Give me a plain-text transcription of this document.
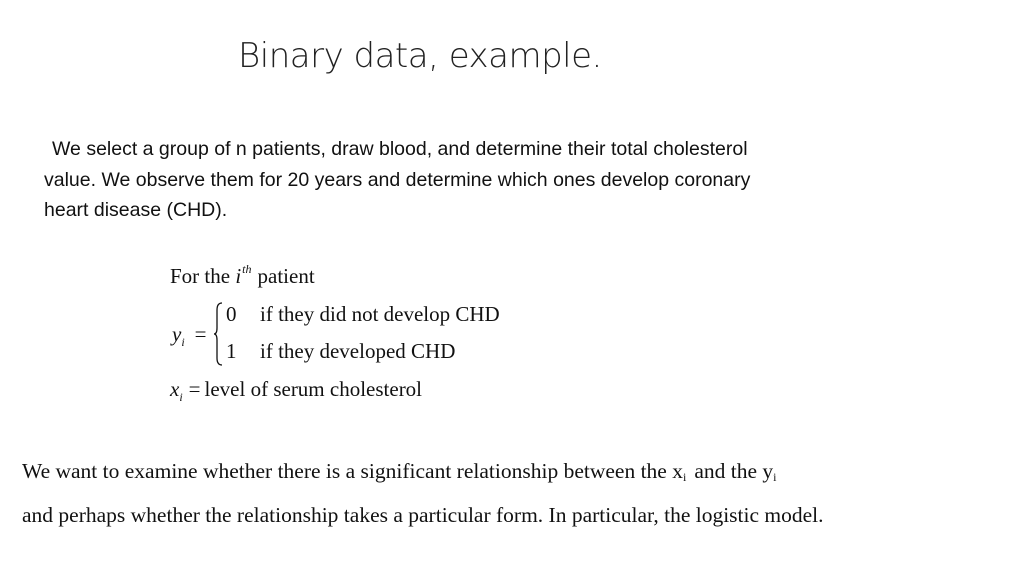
Binary data, example.
We select a group of n patients, draw blood, and determine their total cholesterol
value. We observe them for 20 years and determine which ones develop coronary
heart disease (CHD).
For the $i^{th}$ patient
$y_i$ =
0 if they did not develop CHD
1 if they developed CHD
$x_i$ = level of serum cholesterol
We want to examine whether there is a significant relationship between the $x_i$ and the $y_i$
and perhaps whether the relationship takes a particular form. In particular, the logistic model.
